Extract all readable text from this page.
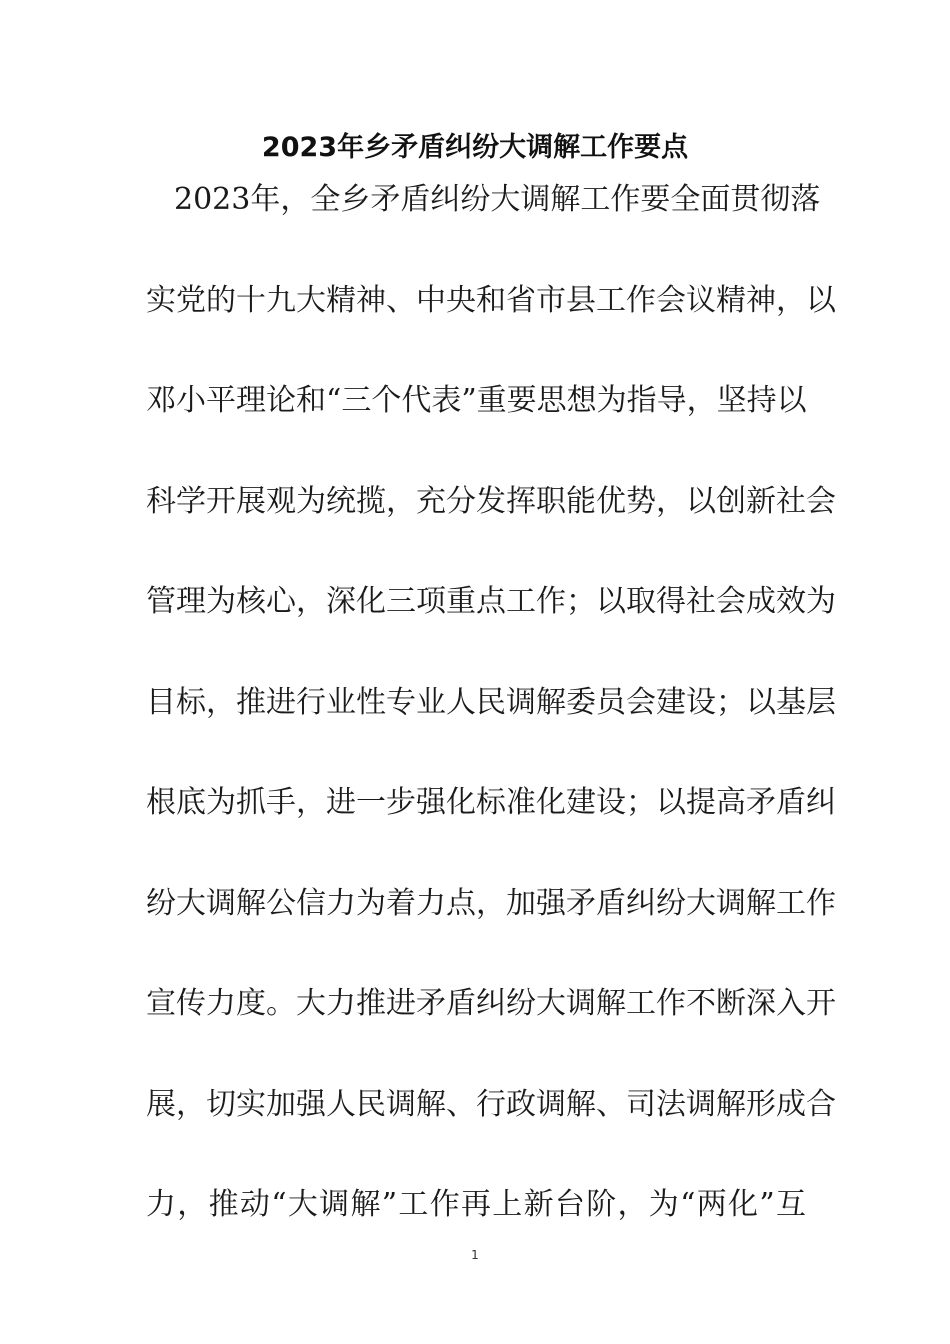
2023年乡矛盾纠纷大调解工作要点
2023年，全乡矛盾纠纷大调解工作要全面贯彻落
实党的十九大精神、中央和省市县工作会议精神，以
邓小平理论和“三个代表”重要思想为指导，坚持以
科学开展观为统揽，充分发挥职能优势，以创新社会
管理为核心，深化三项重点工作；以取得社会成效为
目标，推进行业性专业人民调解委员会建设；以基层
根底为抓手，进一步强化标准化建设；以提高矛盾纠
纷大调解公信力为着力点，加强矛盾纠纷大调解工作
宣传力度。大力推进矛盾纠纷大调解工作不断深入开
展，切实加强人民调解、行政调解、司法调解形成合
力，推动“大调解”工作再上新台阶，为“两化”互
1
